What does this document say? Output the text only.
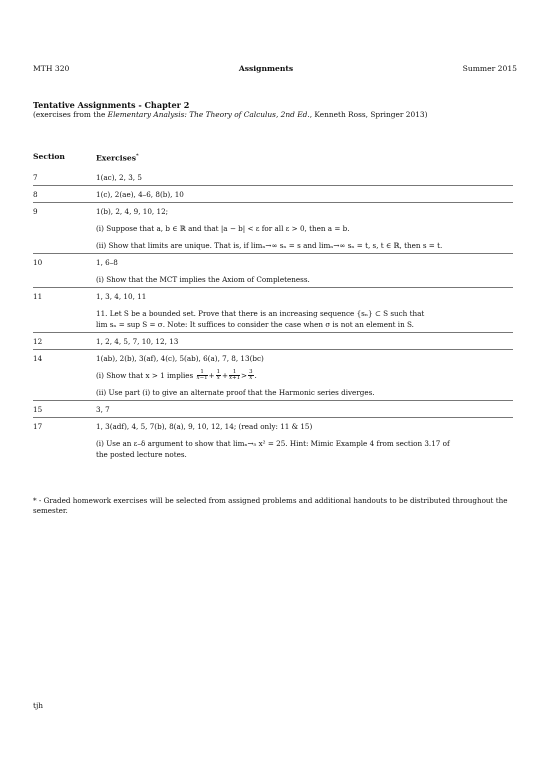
MTH 320	Assignments	Summer 2015
Tentative Assignments - Chapter 2
(exercises from the Elementary Analysis: The Theory of Calculus, 2nd Ed., Kenneth Ross, Springer 2013)
Section	Exercises*
7	1(ac), 2, 3, 5
8	1(c), 2(ae), 4–6, 8(b), 10
9	1(b), 2, 4, 9, 10, 12;
(i) Suppose that a, b ∈ ℝ and that |a − b| < ε for all ε > 0, then a = b.
(ii) Show that limits are unique. That is, if limₙ→∞ sₙ = s and limₙ→∞ sₙ = t, s, t ∈ ℝ, then s = t.
10	1, 6–8
(i) Show that the MCT implies the Axiom of Completeness.
11	1, 3, 4, 10, 11
11. Let S be a bounded set. Prove that there is an increasing sequence {sₙ} ⊂ S such that
lim sₙ = sup S = σ. Note: It suffices to consider the case when σ is not an element in S.
12	1, 2, 4, 5, 7, 10, 12, 13
14	1(ab), 2(b), 3(af), 4(c), 5(ab), 6(a), 7, 8, 13(bc)
(i) Show that x > 1 implies $\frac{1}{x-1} + \frac{1}{x} + \frac{1}{x+1} > \frac{3}{x}$ .
(ii) Use part (i) to give an alternate proof that the Harmonic series diverges.
15	3, 7
17	1, 3(adf), 4, 5, 7(b), 8(a), 9, 10, 12, 14; (read only: 11 & 15)
(i) Use an ε–δ argument to show that limₓ→₅ x² = 25. Hint: Mimic Example 4 from section 3.17 of
the posted lecture notes.
* - Graded homework exercises will be selected from assigned problems and additional handouts to be distributed throughout the semester.
tjh
